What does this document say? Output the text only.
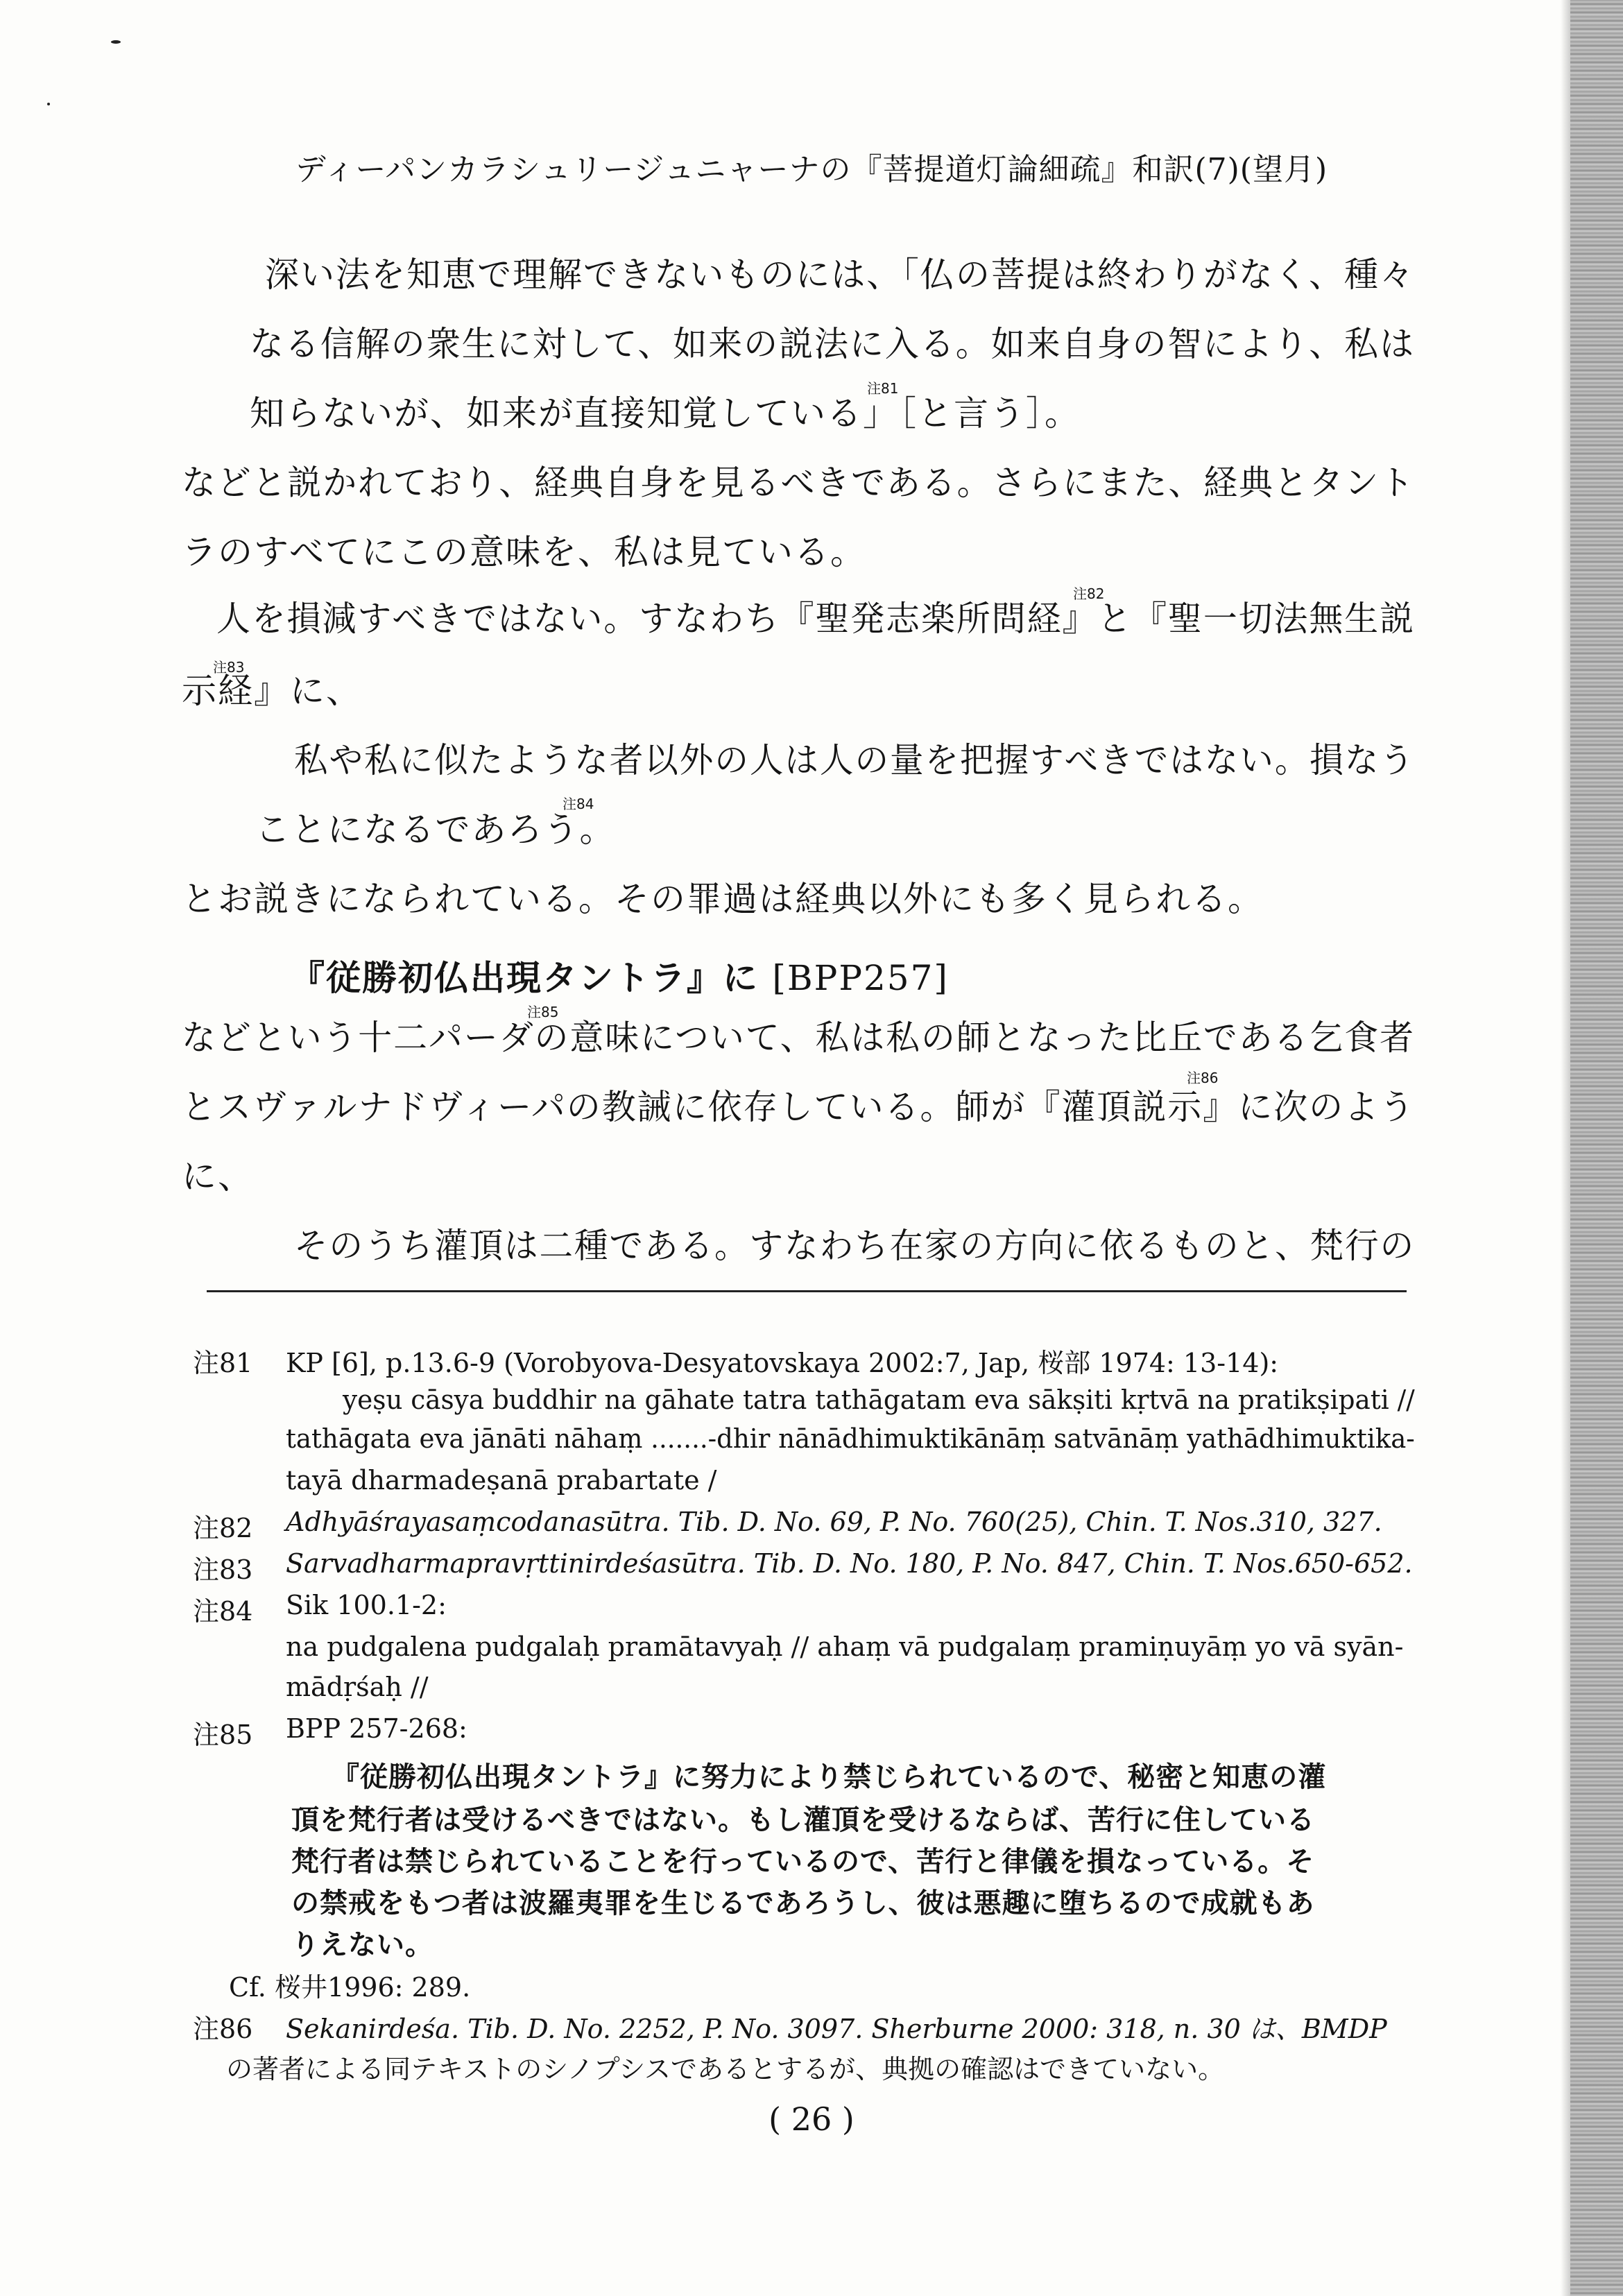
ディーパンカラシュリージュニャーナの『菩提道灯論細疏』和訳(7)(望月)
深い法を知恵で理解できないものには、「仏の菩提は終わりがなく、種々
なる信解の衆生に対して、如来の説法に入る。如来自身の智により、私は
注81
知らないが、如来が直接知覚している」［と言う］。
などと説かれており、経典自身を見るべきである。さらにまた、経典とタント
ラのすべてにこの意味を、私は見ている。
注82
人を損減すべきではない。すなわち『聖発志楽所問経』と『聖一切法無生説
注83
示経』に、
私や私に似たような者以外の人は人の量を把握すべきではない。損なう
注84
ことになるであろう。
とお説きになられている。その罪過は経典以外にも多く見られる。
『従勝初仏出現タントラ』に [BPP257]
注85
などという十二パーダの意味について、私は私の師となった比丘である乞食者
注86
とスヴァルナドヴィーパの教誡に依存している。師が『灌頂説示』に次のよう
に、
そのうち灌頂は二種である。すなわち在家の方向に依るものと、梵行の
注81 KP [6], p.13.6-9 (Vorobyova-Desyatovskaya 2002:7, Jap, 桜部 1974: 13-14):
yeṣu cāsya buddhir na gāhate tatra tathāgatam eva sākṣiti kṛtvā na pratikṣipati //
tathāgata eva jānāti nāhaṃ .......-dhir nānādhimuktikānāṃ satvānāṃ yathādhimuktika-
tayā dharmadeṣanā prabartate /
注82 Adhyāśrayasaṃcodanasūtra. Tib. D. No. 69, P. No. 760(25), Chin. T. Nos.310, 327.
注83 Sarvadharmapravṛttinirdeśasūtra. Tib. D. No. 180, P. No. 847, Chin. T. Nos.650-652.
注84 Sik 100.1-2:
na pudgalena pudgalaḥ pramātavyaḥ // ahaṃ vā pudgalaṃ pramiṇuyāṃ yo vā syān-
mādṛśaḥ //
注85 BPP 257-268:
『従勝初仏出現タントラ』に努力により禁じられているので、秘密と知恵の灌
頂を梵行者は受けるべきではない。もし灌頂を受けるならば、苦行に住している
梵行者は禁じられていることを行っているので、苦行と律儀を損なっている。そ
の禁戒をもつ者は波羅夷罪を生じるであろうし、彼は悪趣に堕ちるので成就もあ
りえない。
Cf. 桜井1996: 289.
注86 Sekanirdeśa. Tib. D. No. 2252, P. No. 3097. Sherburne 2000: 318, n. 30 は、BMDP
の著者による同テキストのシノプシスであるとするが、典拠の確認はできていない。
( 26 )
